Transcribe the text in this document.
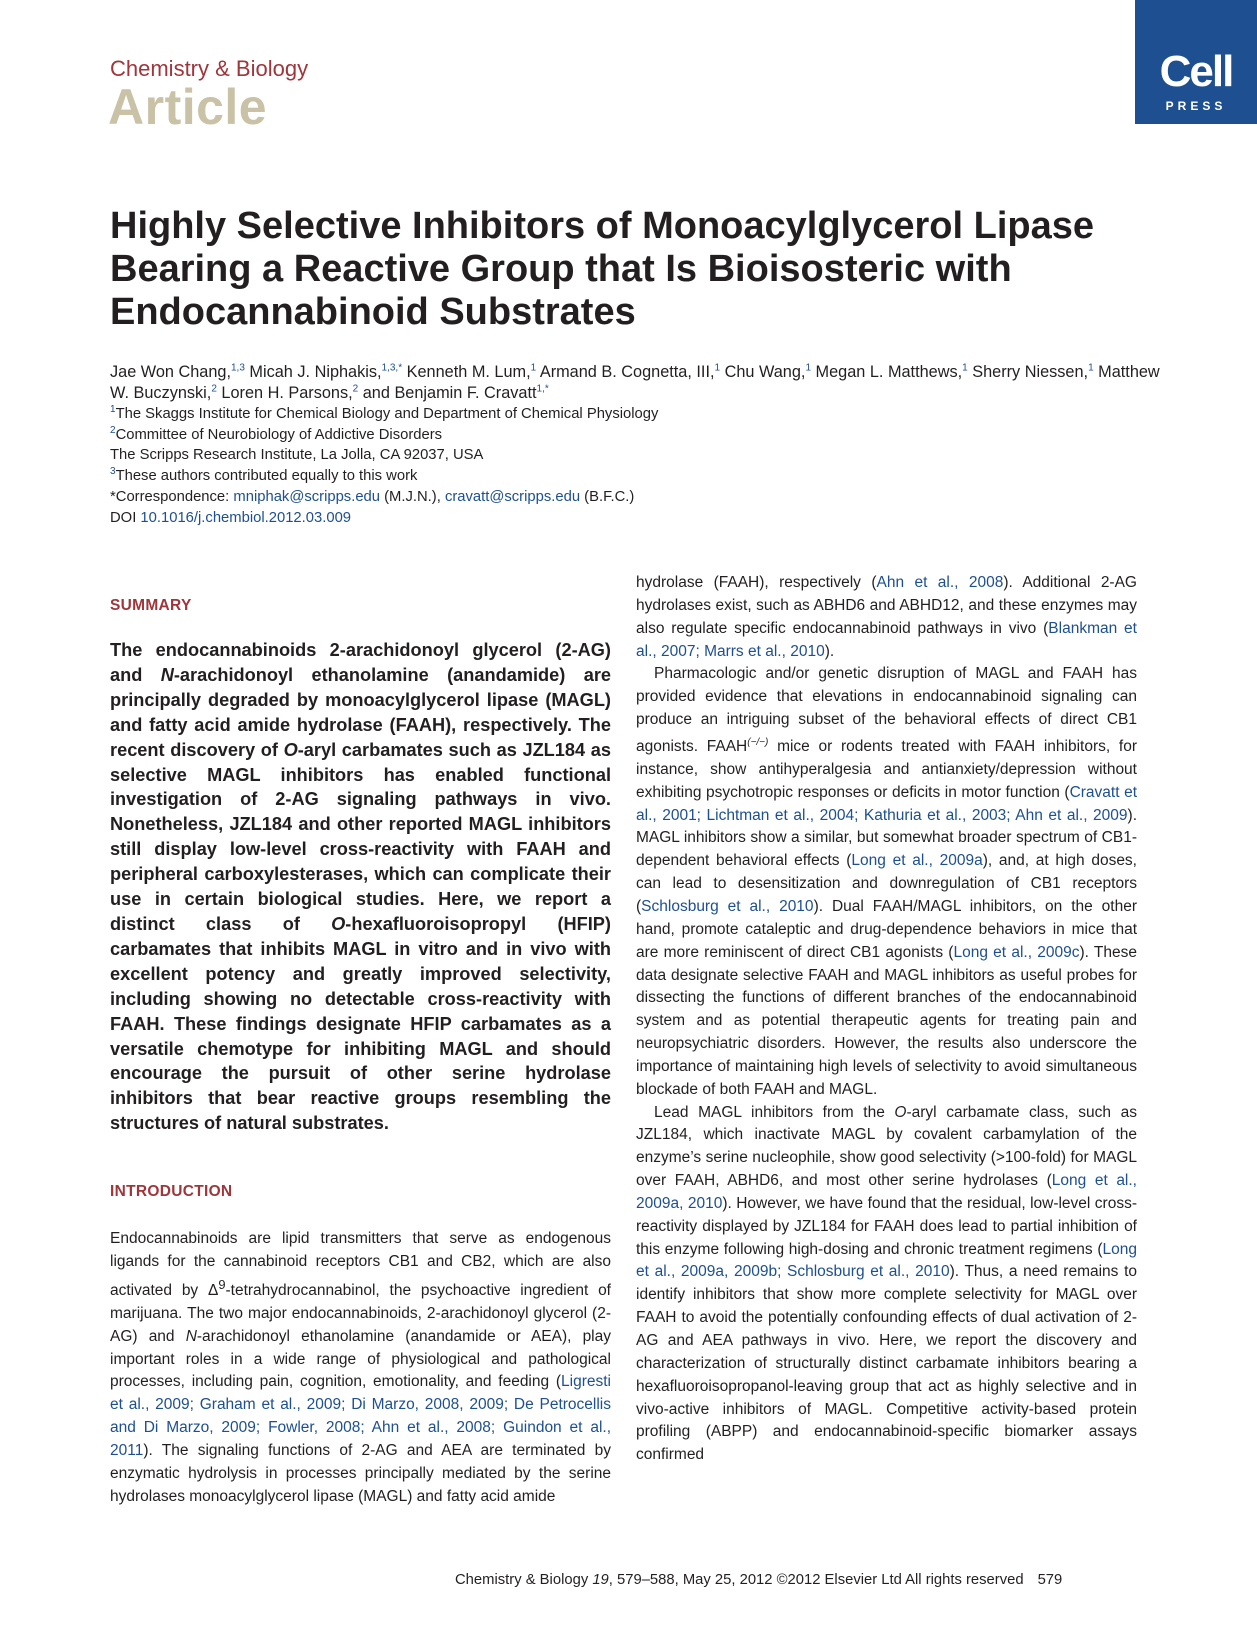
Chemistry & Biology
Article
Cell
PRESS
Highly Selective Inhibitors of Monoacylglycerol Lipase Bearing a Reactive Group that Is Bioisosteric with Endocannabinoid Substrates
Jae Won Chang,$^{1,3}$ Micah J. Niphakis,$^{1,3,*}$ Kenneth M. Lum,$^1$ Armand B. Cognetta, III,$^1$ Chu Wang,$^1$ Megan L. Matthews,$^1$ Sherry Niessen,$^1$ Matthew W. Buczynski,$^2$ Loren H. Parsons,$^2$ and Benjamin F. Cravatt$^{1,*}$
$^1$The Skaggs Institute for Chemical Biology and Department of Chemical Physiology
$^2$Committee of Neurobiology of Addictive Disorders
The Scripps Research Institute, La Jolla, CA 92037, USA
$^3$These authors contributed equally to this work
*Correspondence: mniphak@scripps.edu (M.J.N.), cravatt@scripps.edu (B.F.C.)
DOI 10.1016/j.chembiol.2012.03.009
SUMMARY

The endocannabinoids 2-arachidonoyl glycerol (2-AG) and N-arachidonoyl ethanolamine (anandamide) are principally degraded by monoacylglycerol lipase (MAGL) and fatty acid amide hydrolase (FAAH), respectively. The recent discovery of O-aryl carbamates such as JZL184 as selective MAGL inhibitors has enabled functional investigation of 2-AG signaling pathways in vivo. Nonetheless, JZL184 and other reported MAGL inhibitors still display low-level cross-reactivity with FAAH and peripheral carboxylesterases, which can complicate their use in certain biological studies. Here, we report a distinct class of O-hexafluoroisopropyl (HFIP) carbamates that inhibits MAGL in vitro and in vivo with excellent potency and greatly improved selectivity, including showing no detectable cross-reactivity with FAAH. These findings designate HFIP carbamates as a versatile chemotype for inhibiting MAGL and should encourage the pursuit of other serine hydrolase inhibitors that bear reactive groups resembling the structures of natural substrates.

INTRODUCTION

Endocannabinoids are lipid transmitters that serve as endogenous ligands for the cannabinoid receptors CB1 and CB2, which are also activated by $\Delta^9$-tetrahydrocannabinol, the psychoactive ingredient of marijuana. The two major endocannabinoids, 2-arachidonoyl glycerol (2-AG) and N-arachidonoyl ethanolamine (anandamide or AEA), play important roles in a wide range of physiological and pathological processes, including pain, cognition, emotionality, and feeding (Ligresti et al., 2009; Graham et al., 2009; Di Marzo, 2008, 2009; De Petrocellis and Di Marzo, 2009; Fowler, 2008; Ahn et al., 2008; Guindon et al., 2011). The signaling functions of 2-AG and AEA are terminated by enzymatic hydrolysis in processes principally mediated by the serine hydrolases monoacylglycerol lipase (MAGL) and fatty acid amide

hydrolase (FAAH), respectively (Ahn et al., 2008). Additional 2-AG hydrolases exist, such as ABHD6 and ABHD12, and these enzymes may also regulate specific endocannabinoid pathways in vivo (Blankman et al., 2007; Marrs et al., 2010).

Pharmacologic and/or genetic disruption of MAGL and FAAH has provided evidence that elevations in endocannabinoid signaling can produce an intriguing subset of the behavioral effects of direct CB1 agonists. FAAH(−/−) mice or rodents treated with FAAH inhibitors, for instance, show antihyperalgesia and antianxiety/depression without exhibiting psychotropic responses or deficits in motor function (Cravatt et al., 2001; Lichtman et al., 2004; Kathuria et al., 2003; Ahn et al., 2009). MAGL inhibitors show a similar, but somewhat broader spectrum of CB1-dependent behavioral effects (Long et al., 2009a), and, at high doses, can lead to desensitization and downregulation of CB1 receptors (Schlosburg et al., 2010). Dual FAAH/MAGL inhibitors, on the other hand, promote cataleptic and drug-dependence behaviors in mice that are more reminiscent of direct CB1 agonists (Long et al., 2009c). These data designate selective FAAH and MAGL inhibitors as useful probes for dissecting the functions of different branches of the endocannabinoid system and as potential therapeutic agents for treating pain and neuropsychiatric disorders. However, the results also underscore the importance of maintaining high levels of selectivity to avoid simultaneous blockade of both FAAH and MAGL.

Lead MAGL inhibitors from the O-aryl carbamate class, such as JZL184, which inactivate MAGL by covalent carbamylation of the enzyme’s serine nucleophile, show good selectivity (>100-fold) for MAGL over FAAH, ABHD6, and most other serine hydrolases (Long et al., 2009a, 2010). However, we have found that the residual, low-level cross-reactivity displayed by JZL184 for FAAH does lead to partial inhibition of this enzyme following high-dosing and chronic treatment regimens (Long et al., 2009a, 2009b; Schlosburg et al., 2010). Thus, a need remains to identify inhibitors that show more complete selectivity for MAGL over FAAH to avoid the potentially confounding effects of dual activation of 2-AG and AEA pathways in vivo. Here, we report the discovery and characterization of structurally distinct carbamate inhibitors bearing a hexafluoroisopropanol-leaving group that act as highly selective and in vivo-active inhibitors of MAGL. Competitive activity-based protein profiling (ABPP) and endocannabinoid-specific biomarker assays confirmed

Chemistry & Biology 19, 579–588, May 25, 2012 ©2012 Elsevier Ltd All rights reserved 579
